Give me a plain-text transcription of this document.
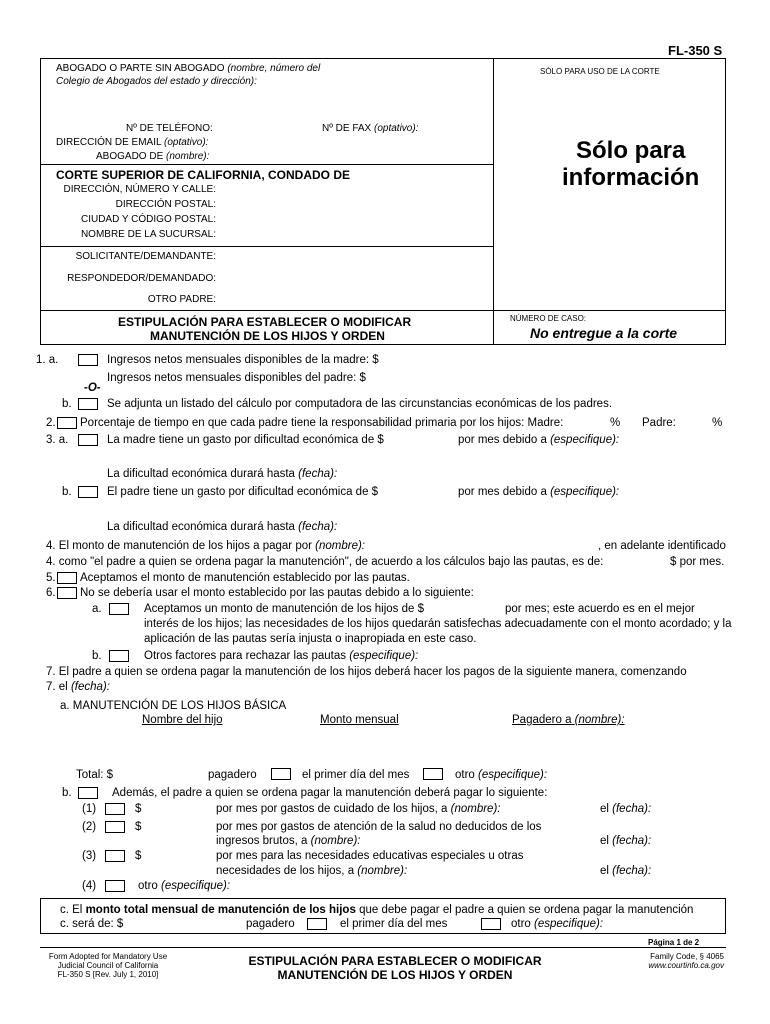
FL-350 S
ABOGADO O PARTE SIN ABOGADO (nombre, número del
Colegio de Abogados del estado y dirección):
SÓLO PARA USO DE LA CORTE
Nº DE TELÉFONO:	Nº DE FAX (optativo):
DIRECCIÓN DE EMAIL (optativo):
ABOGADO DE (nombre):	Sólo para
información
CORTE SUPERIOR DE CALIFORNIA, CONDADO DE
DIRECCIÓN, NÚMERO Y CALLE:
DIRECCIÓN POSTAL:
CIUDAD Y CÓDIGO POSTAL:
NOMBRE DE LA SUCURSAL:
SOLICITANTE/DEMANDANTE:
RESPONDEDOR/DEMANDADO:
OTRO PADRE:
ESTIPULACIÓN PARA ESTABLECER O MODIFICAR
MANUTENCIÓN DE LOS HIJOS Y ORDEN
NÚMERO DE CASO:
No entregue a la corte
1. a.	Ingresos netos mensuales disponibles de la madre: $
Ingresos netos mensuales disponibles del padre: $
-O-
b.	Se adjunta un listado del cálculo por computadora de las circunstancias económicas de los padres.
2. Porcentaje de tiempo en que cada padre tiene la responsabilidad primaria por los hijos: Madre:	% Padre:	%
3. a.	La madre tiene un gasto por dificultad económica de $	por mes debido a (especifique):
La dificultad económica durará hasta (fecha):
b.	El padre tiene un gasto por dificultad económica de $	por mes debido a (especifique):
La dificultad económica durará hasta (fecha):
4. El monto de manutención de los hijos a pagar por (nombre):	, en adelante identificado
4. como "el padre a quien se ordena pagar la manutención", de acuerdo a los cálculos bajo las pautas, es de:	$ por mes.
5. Aceptamos el monto de manutención establecido por las pautas.
6. No se debería usar el monto establecido por las pautas debido a lo siguiente:
a.	Aceptamos un monto de manutención de los hijos de $	por mes; este acuerdo es en el mejor
interés de los hijos; las necesidades de los hijos quedarán satisfechas adecuadamente con el monto acordado; y la
aplicación de las pautas sería injusta o inapropiada en este caso.
b.	Otros factores para rechazar las pautas (especifique):
7. El padre a quien se ordena pagar la manutención de los hijos deberá hacer los pagos de la siguiente manera, comenzando
7. el (fecha):
a. MANUTENCIÓN DE LOS HIJOS BÁSICA
Nombre del hijo	Monto mensual	Pagadero a (nombre):
Total: $	pagadero	el primer día del mes	otro (especifique):
b.	Además, el padre a quien se ordena pagar la manutención deberá pagar lo siguiente:
(1)	$	por mes por gastos de cuidado de los hijos, a (nombre):	el (fecha):
(2)	$	por mes por gastos de atención de la salud no deducidos de los
ingresos brutos, a (nombre):	el (fecha):
(3)	$	por mes para las necesidades educativas especiales u otras
necesidades de los hijos, a (nombre):	el (fecha):
(4)	otro (especifique):
c. El monto total mensual de manutención de los hijos que debe pagar el padre a quien se ordena pagar la manutención
c. será de: $	pagadero	el primer día del mes	otro (especifique):
Página 1 de 2
Form Adopted for Mandatory Use
Judicial Council of California
FL-350 S [Rev. July 1, 2010]
ESTIPULACIÓN PARA ESTABLECER O MODIFICAR
MANUTENCIÓN DE LOS HIJOS Y ORDEN
Family Code, § 4065
www.courtinfo.ca.gov
